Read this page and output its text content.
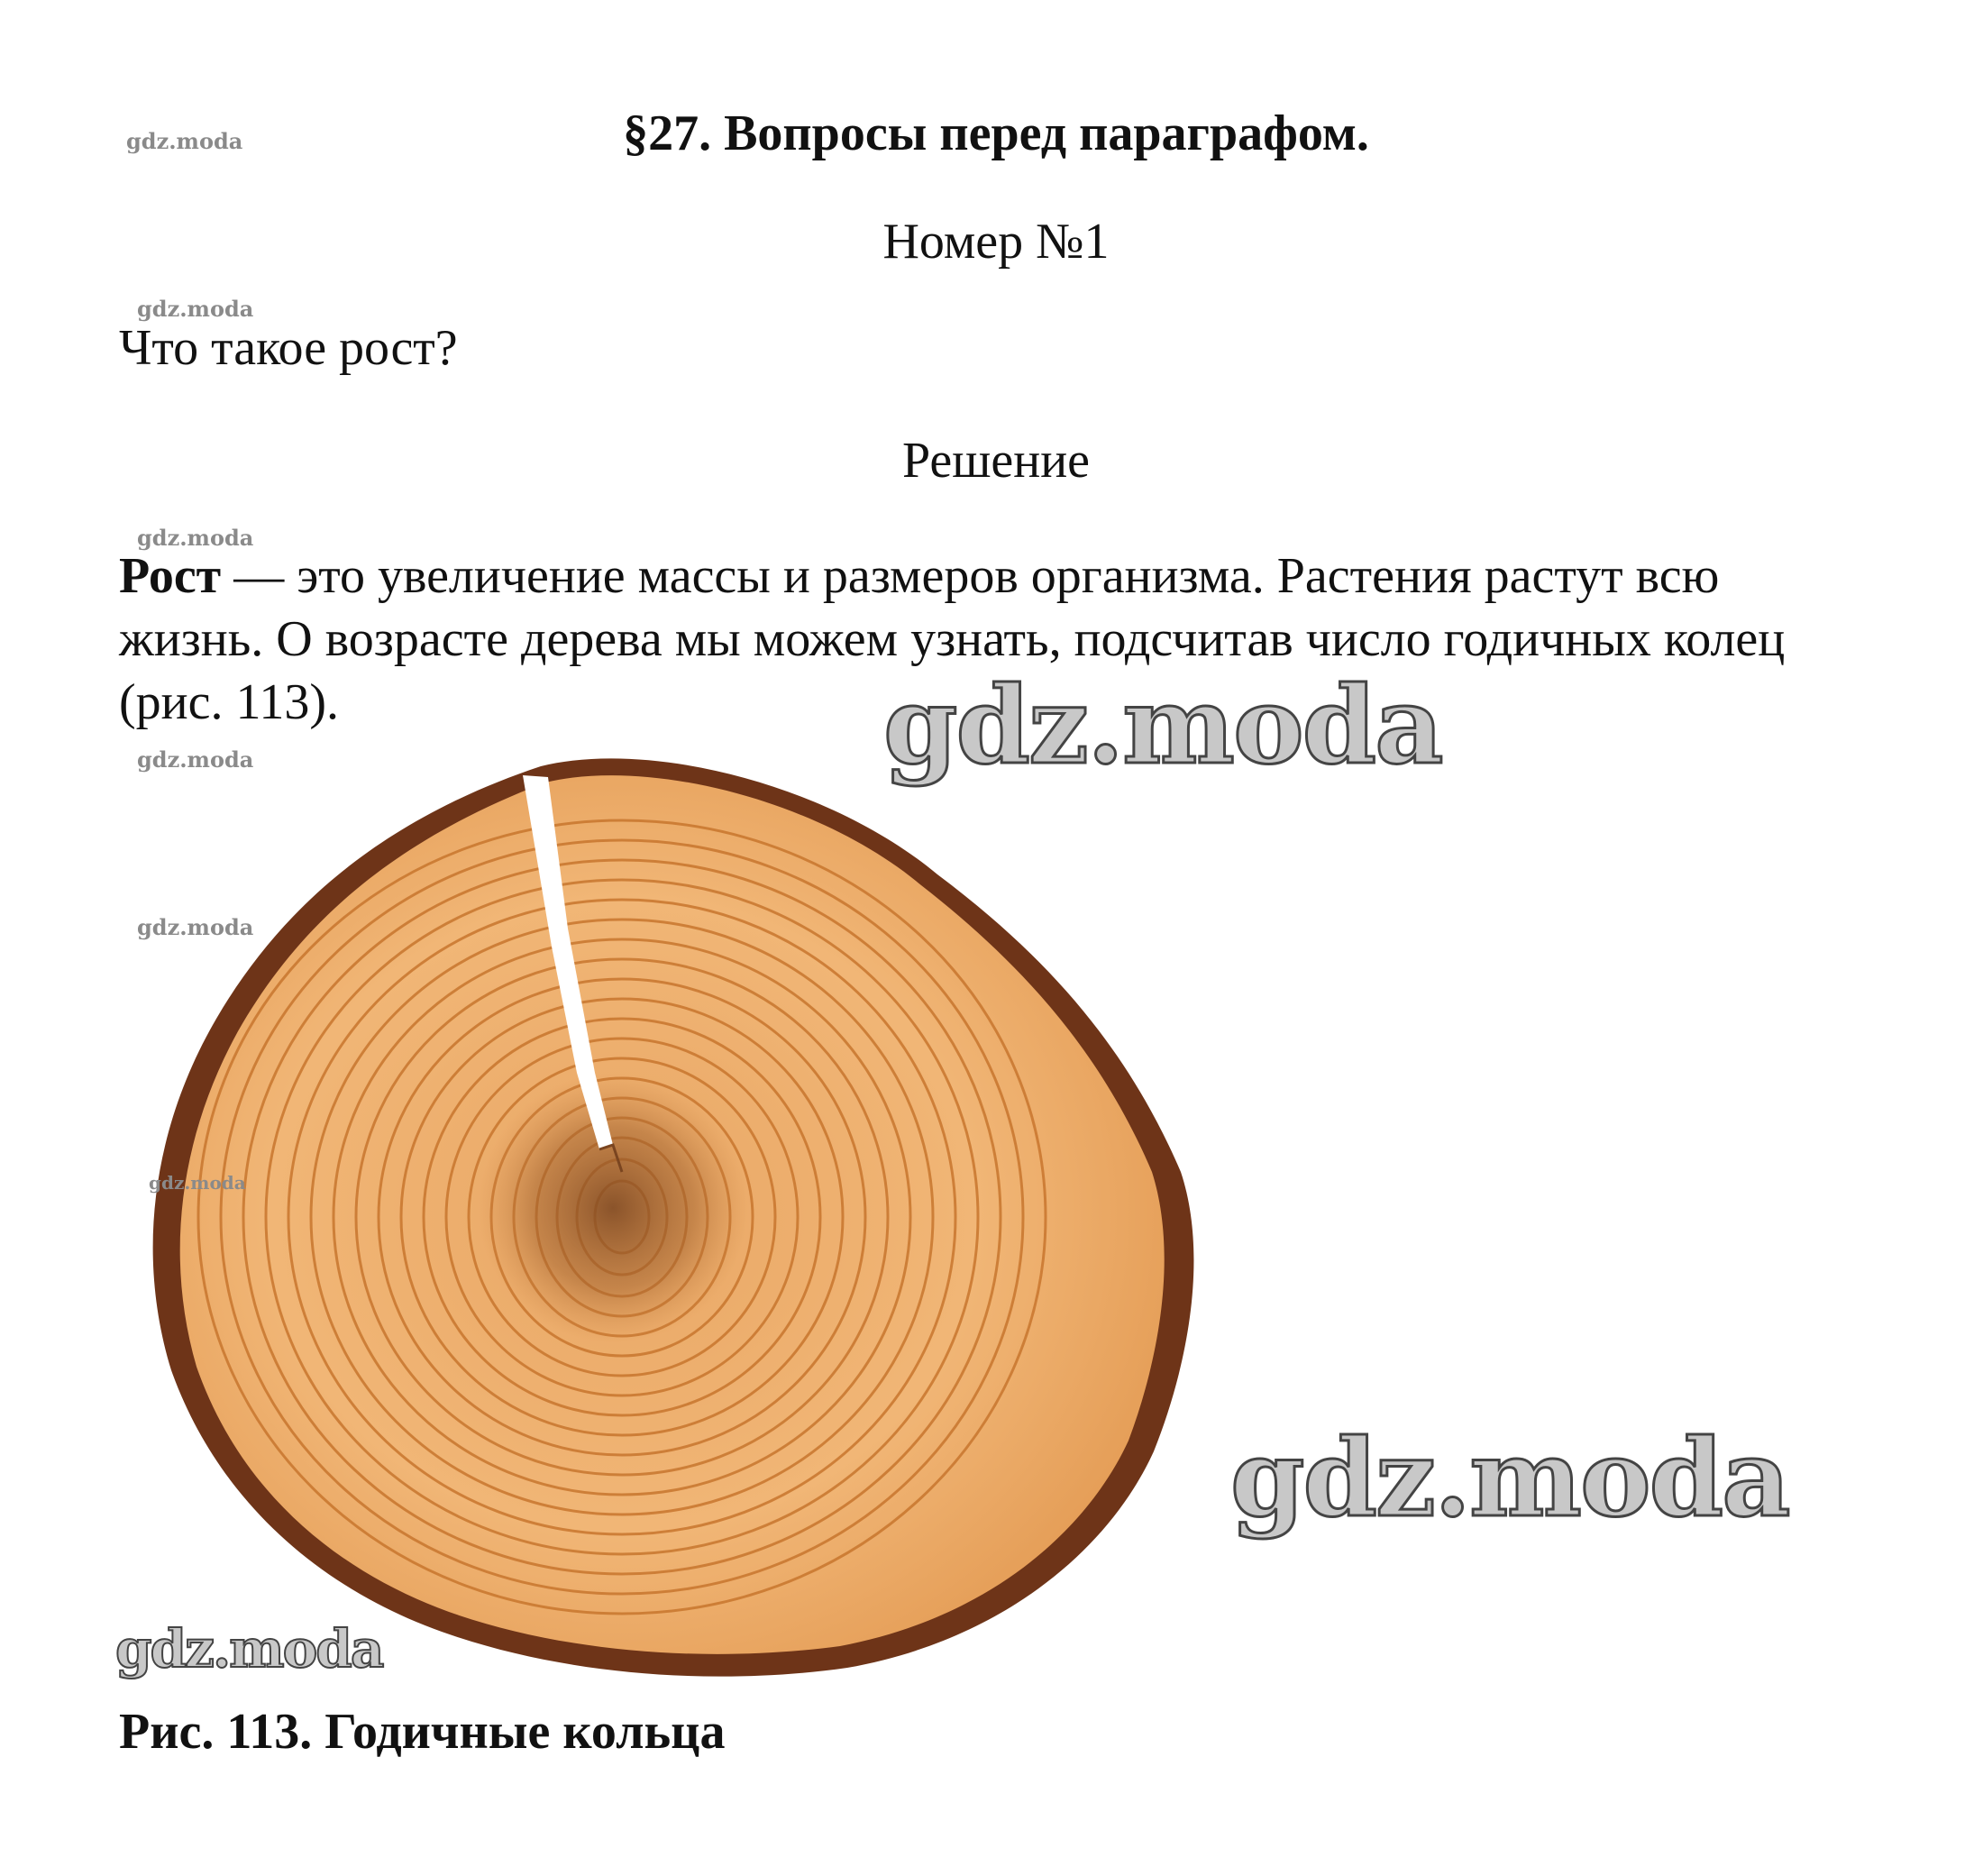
§27. Вопросы перед параграфом.
Номер №1

Что такое рост?

Решение

Рост — это увеличение массы и размеров организма. Растения растут всю жизнь. О возрасте дерева мы можем узнать, подсчитав число годичных колец (рис. 113).

Рис. 113. Годичные кольца
gdz.moda
gdz.moda
gdz.moda
gdz.moda
gdz.moda
gdz.moda
gdz.moda
gdz.moda
gdz.moda
